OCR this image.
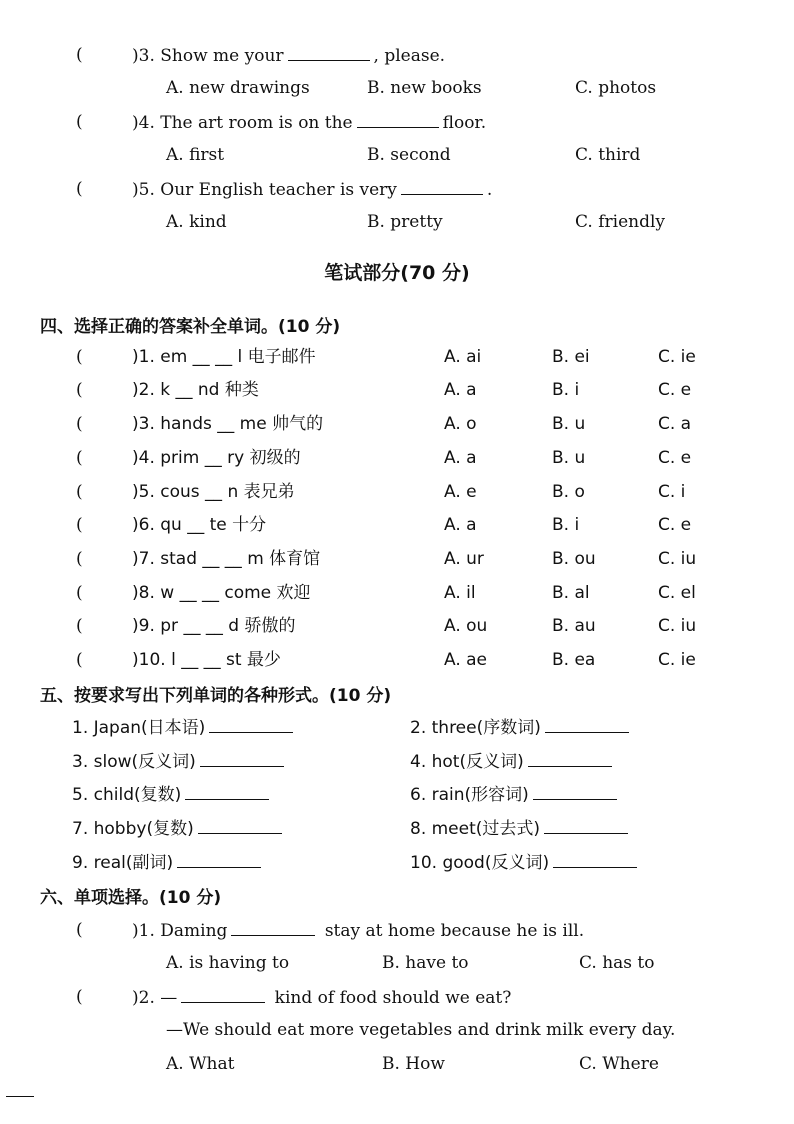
(	)3. Show me your	, please.
A. new drawings	B. new books	C. photos
(	)4. The art room is on the	floor.
A. first	B. second	C. third
(	)5. Our English teacher is very	.
A. kind	B. pretty	C. friendly
笔试部分(70 分)
四、选择正确的答案补全单词。(10 分)
(	)1. em __ __ l 电子邮件	A. ai	B. ei	C. ie
(	)2. k __ nd 种类	A. a	B. i	C. e
(	)3. hands __ me 帅气的	A. o	B. u	C. a
(	)4. prim __ ry 初级的	A. a	B. u	C. e
(	)5. cous __ n 表兄弟	A. e	B. o	C. i
(	)6. qu __ te 十分	A. a	B. i	C. e
(	)7. stad __ __ m 体育馆	A. ur	B. ou	C. iu
(	)8. w __ __ come 欢迎	A. il	B. al	C. el
(	)9. pr __ __ d 骄傲的	A. ou	B. au	C. iu
(	)10. l __ __ st 最少	A. ae	B. ea	C. ie
五、按要求写出下列单词的各种形式。(10 分)
1. Japan(日本语)	2. three(序数词)
3. slow(反义词)	4. hot(反义词)
5. child(复数)	6. rain(形容词)
7. hobby(复数)	8. meet(过去式)
9. real(副词)	10. good(反义词)
六、单项选择。(10 分)
(	)1. Daming	stay at home because he is ill.
A. is having to	B. have to	C. has to
(	)2. —	kind of food should we eat?
—We should eat more vegetables and drink milk every day.
A. What	B. How	C. Where
